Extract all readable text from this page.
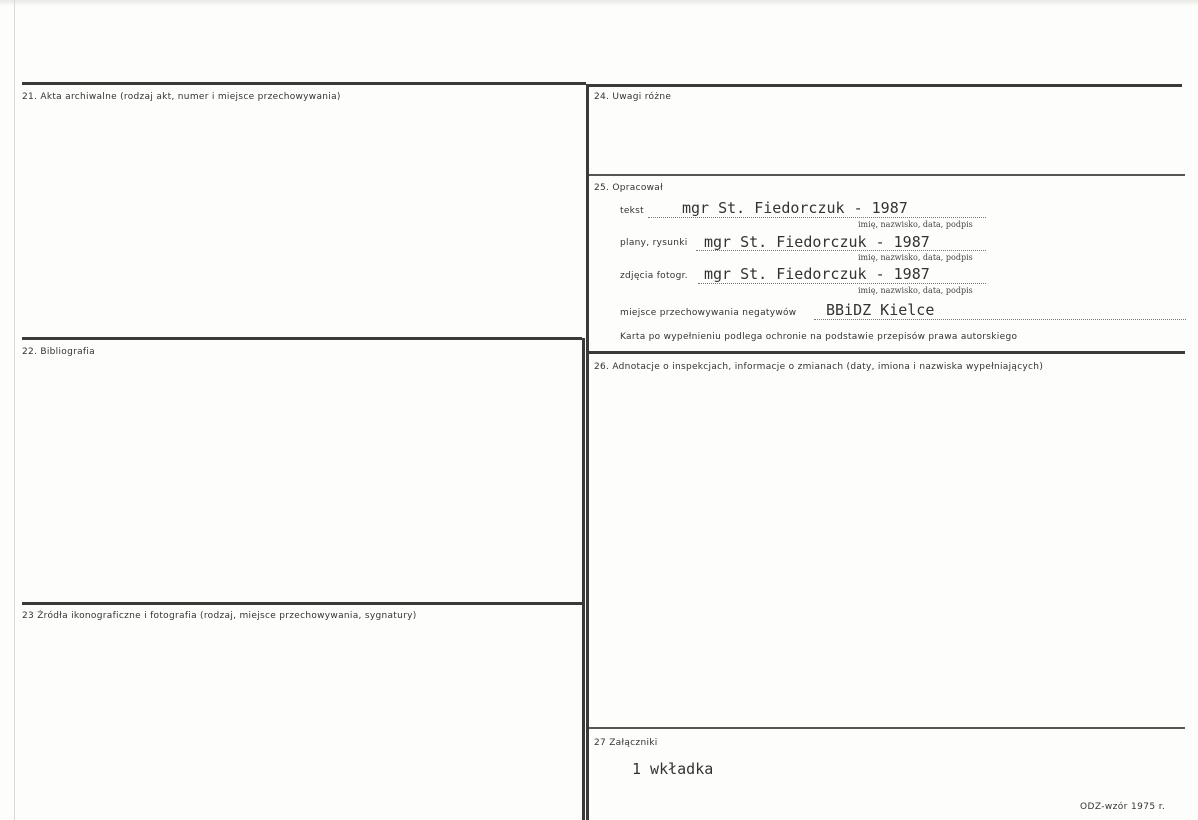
21. Akta archiwalne (rodzaj akt, numer i miejsce przechowywania)
22. Bibliografia
23 Źródła ikonograficzne i fotografia (rodzaj, miejsce przechowywania, sygnatury)
24. Uwagi różne
25. Opracował
tekst	mgr St. Fiedorczuk - 1987
imię, nazwisko, data, podpis
plany, rysunki mgr St. Fiedorczuk - 1987
imię, nazwisko, data, podpis
zdjęcia fotogr. mgr St. Fiedorczuk - 1987
imię, nazwisko, data, podpis
miejsce przechowywania negatywów BBiDZ Kielce
Karta po wypełnieniu podlega ochronie na podstawie przepisów prawa autorskiego
26. Adnotacje o inspekcjach, informacje o zmianach (daty, imiona i nazwiska wypełniających)
27 Załączniki
1 wkładka
ODZ-wzór 1975 r.
